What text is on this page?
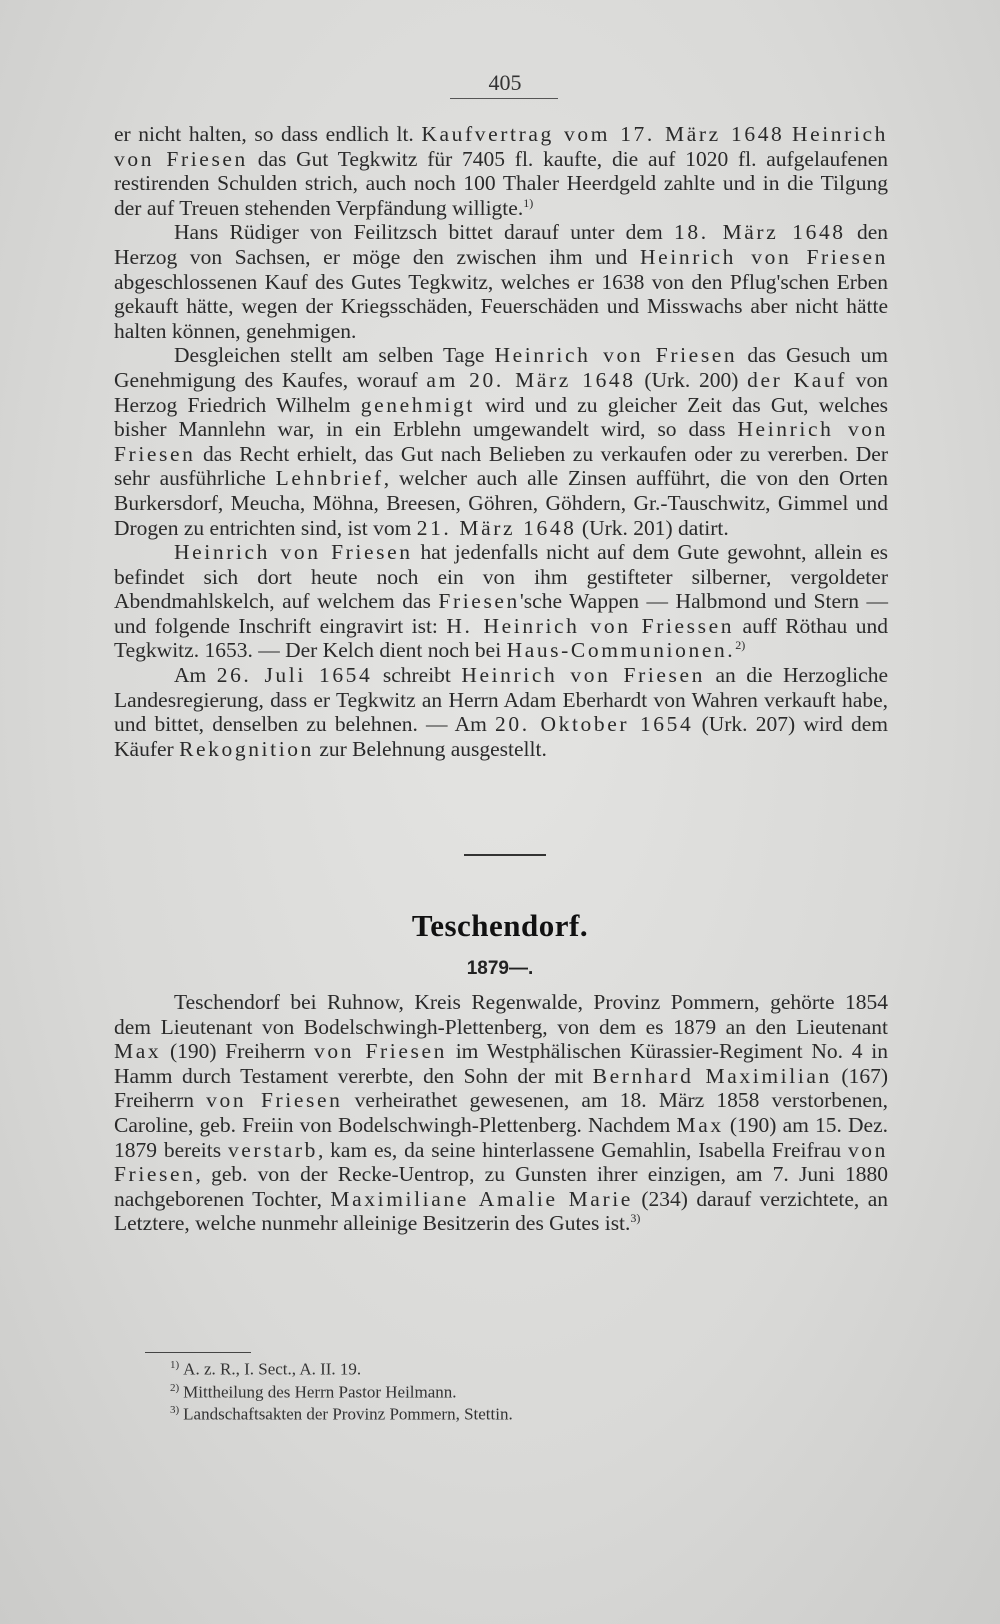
405

er nicht halten, so dass endlich lt. Kaufvertrag vom 17. März 1648 Heinrich von Friesen das Gut Tegkwitz für 7405 fl. kaufte, die auf 1020 fl. aufgelaufenen restirenden Schulden strich, auch noch 100 Thaler Heerdgeld zahlte und in die Tilgung der auf Treuen stehenden Verpfändung willigte.$^{1)}$

Hans Rüdiger von Feilitzsch bittet darauf unter dem 18. März 1648 den Herzog von Sachsen, er möge den zwischen ihm und Heinrich von Friesen abgeschlossenen Kauf des Gutes Tegkwitz, welches er 1638 von den Pflug'schen Erben gekauft hätte, wegen der Kriegsschäden, Feuerschäden und Misswachs aber nicht hätte halten können, genehmigen.

Desgleichen stellt am selben Tage Heinrich von Friesen das Gesuch um Genehmigung des Kaufes, worauf am 20. März 1648 (Urk. 200) der Kauf von Herzog Friedrich Wilhelm genehmigt wird und zu gleicher Zeit das Gut, welches bisher Mannlehn war, in ein Erblehn umgewandelt wird, so dass Heinrich von Friesen das Recht erhielt, das Gut nach Belieben zu verkaufen oder zu vererben. Der sehr ausführliche Lehnbrief, welcher auch alle Zinsen aufführt, die von den Orten Burkersdorf, Meucha, Möhna, Breesen, Göhren, Göhdern, Gr.-Tauschwitz, Gimmel und Drogen zu entrichten sind, ist vom 21. März 1648 (Urk. 201) datirt.

Heinrich von Friesen hat jedenfalls nicht auf dem Gute gewohnt, allein es befindet sich dort heute noch ein von ihm gestifteter silberner, vergoldeter Abendmahlskelch, auf welchem das Friesen'sche Wappen — Halbmond und Stern — und folgende Inschrift eingravirt ist: H. Heinrich von Friessen auff Röthau und Tegkwitz. 1653. — Der Kelch dient noch bei Haus-Communionen.$^{2)}$

Am 26. Juli 1654 schreibt Heinrich von Friesen an die Herzogliche Landesregierung, dass er Tegkwitz an Herrn Adam Eberhardt von Wahren verkauft habe, und bittet, denselben zu belehnen. — Am 20. Oktober 1654 (Urk. 207) wird dem Käufer Rekognition zur Belehnung ausgestellt.

Teschendorf.
1879—.

Teschendorf bei Ruhnow, Kreis Regenwalde, Provinz Pommern, gehörte 1854 dem Lieutenant von Bodelschwingh-Plettenberg, von dem es 1879 an den Lieutenant Max (190) Freiherrn von Friesen im Westphälischen Kürassier-Regiment No. 4 in Hamm durch Testament vererbte, den Sohn der mit Bernhard Maximilian (167) Freiherrn von Friesen verheirathet gewesenen, am 18. März 1858 verstorbenen, Caroline, geb. Freiin von Bodelschwingh-Plettenberg. Nachdem Max (190) am 15. Dez. 1879 bereits verstarb, kam es, da seine hinterlassene Gemahlin, Isabella Freifrau von Friesen, geb. von der Recke-Uentrop, zu Gunsten ihrer einzigen, am 7. Juni 1880 nachgeborenen Tochter, Maximiliane Amalie Marie (234) darauf verzichtete, an Letztere, welche nunmehr alleinige Besitzerin des Gutes ist.$^{3)}$

$^{1)}$ A. z. R., I. Sect., A. II. 19.
$^{2)}$ Mittheilung des Herrn Pastor Heilmann.
$^{3)}$ Landschaftsakten der Provinz Pommern, Stettin.
